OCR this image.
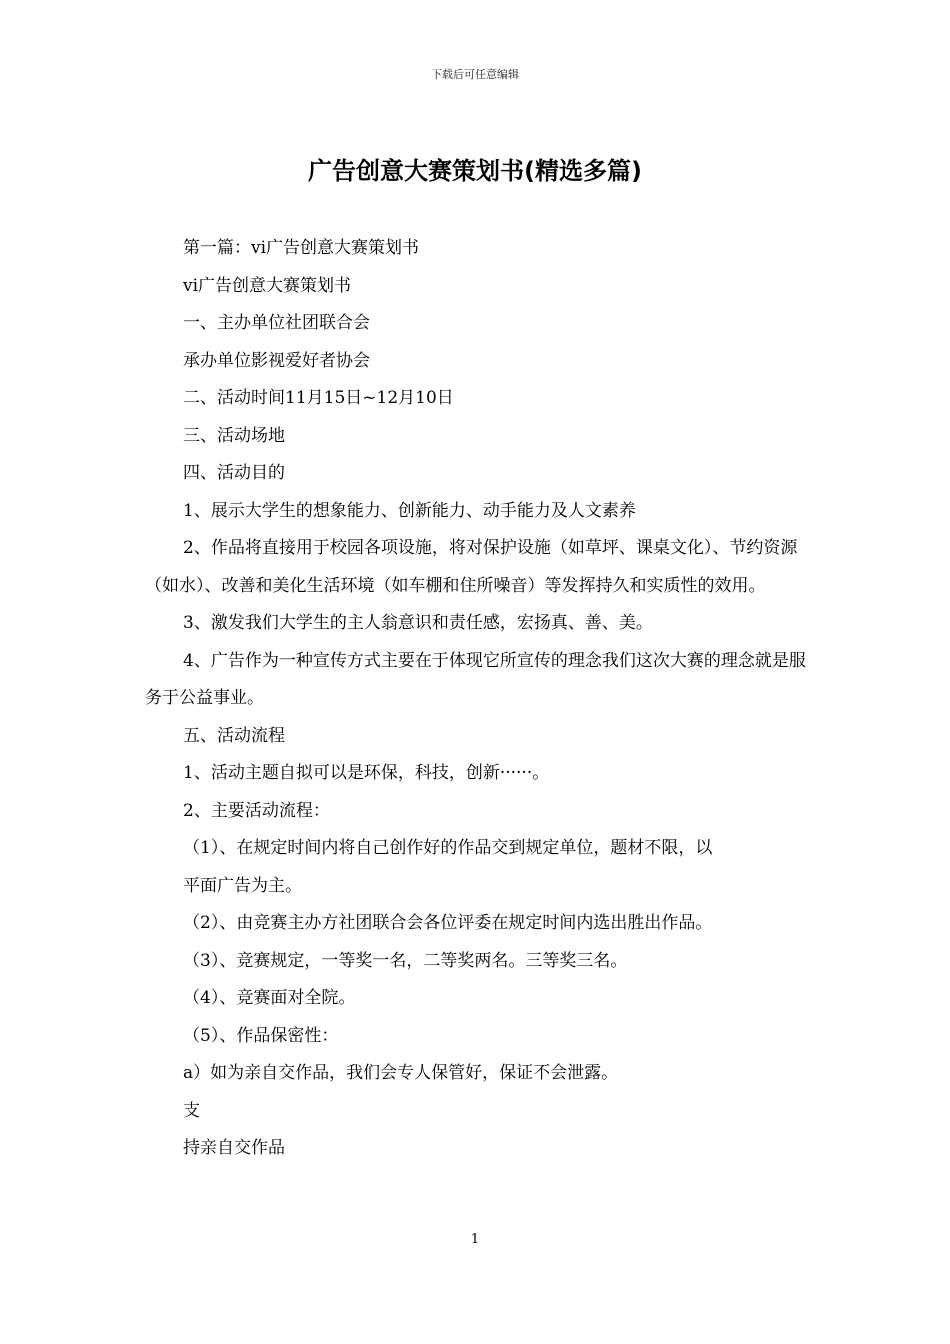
下载后可任意编辑
广告创意大赛策划书(精选多篇)

第一篇：vi广告创意大赛策划书

vi广告创意大赛策划书

一、主办单位社团联合会

承办单位影视爱好者协会

二、活动时间11月15日~12月10日

三、活动场地

四、活动目的

1、展示大学生的想象能力、创新能力、动手能力及人文素养

2、作品将直接用于校园各项设施，将对保护设施（如草坪、课桌文化）、节约资源（如水）、改善和美化生活环境（如车棚和住所噪音）等发挥持久和实质性的效用。

3、激发我们大学生的主人翁意识和责任感，宏扬真、善、美。

4、广告作为一种宣传方式主要在于体现它所宣传的理念我们这次大赛的理念就是服务于公益事业。

五、活动流程

1、活动主题自拟可以是环保，科技，创新······。

2、主要活动流程：

（1）、在规定时间内将自己创作好的作品交到规定单位，题材不限，以

平面广告为主。

（2）、由竞赛主办方社团联合会各位评委在规定时间内选出胜出作品。

（3）、竞赛规定，一等奖一名，二等奖两名。三等奖三名。

（4）、竞赛面对全院。

（5）、作品保密性：

a）如为亲自交作品，我们会专人保管好，保证不会泄露。

支

持亲自交作品

1
